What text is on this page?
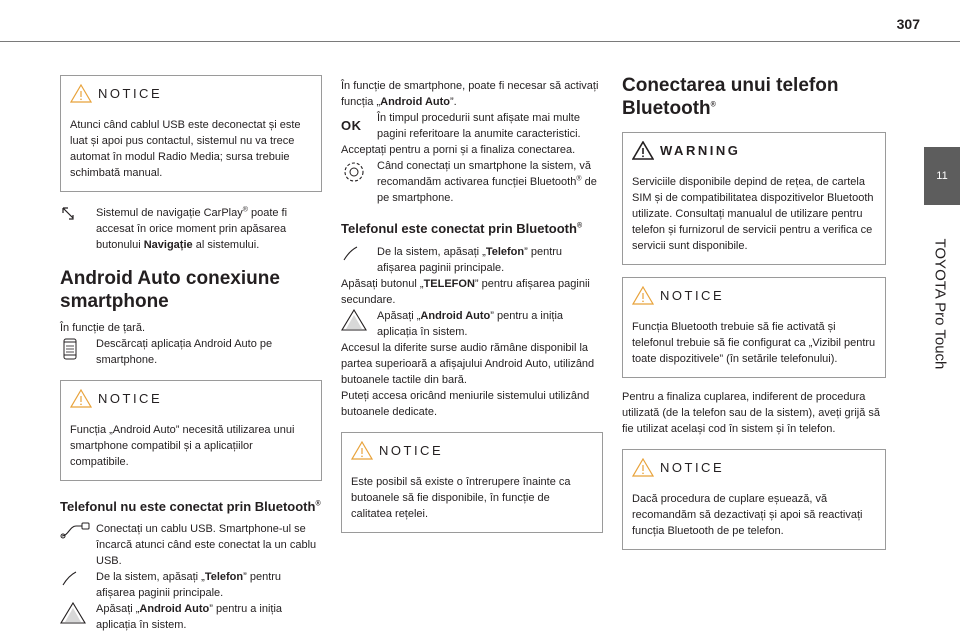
307
11
TOYOTA Pro Touch
NOTICE

Atunci când cablul USB este deconectat și este luat și apoi pus contactul, sistemul nu va trece automat în modul Radio Media; sursa trebuie schimbată manual.

Sistemul de navigație CarPlay® poate fi accesat în orice moment prin apăsarea butonului Navigație al sistemului.

Android Auto conexiune smartphone

În funcție de țară.

Descărcați aplicația Android Auto pe smartphone.

NOTICE

Funcția „Android Auto” necesită utilizarea unui smartphone compatibil și a aplicațiilor compatibile.

Telefonul nu este conectat prin Bluetooth®

Conectați un cablu USB. Smartphone-ul se încarcă atunci când este conectat la un cablu USB.

De la sistem, apăsați „Telefon” pentru afișarea paginii principale.

Apăsați „Android Auto” pentru a iniția aplicația în sistem.

În funcție de smartphone, poate fi necesar să activați funcția „Android Auto”.

OK În timpul procedurii sunt afișate mai multe pagini referitoare la anumite caracteristici.

Acceptați pentru a porni și a finaliza conectarea.

Când conectați un smartphone la sistem, vă recomandăm activarea funcției Bluetooth® de pe smartphone.

Telefonul este conectat prin Bluetooth®

De la sistem, apăsați „Telefon” pentru afișarea paginii principale.

Apăsați butonul „TELEFON” pentru afișarea paginii secundare.

Apăsați „Android Auto” pentru a iniția aplicația în sistem.

Accesul la diferite surse audio rămâne disponibil la partea superioară a afișajului Android Auto, utilizând butoanele tactile din bară.

Puteți accesa oricând meniurile sistemului utilizând butoanele dedicate.

NOTICE

Este posibil să existe o întrerupere înainte ca butoanele să fie disponibile, în funcție de calitatea rețelei.

Conectarea unui telefon Bluetooth®
WARNING

Serviciile disponibile depind de rețea, de cartela SIM și de compatibilitatea dispozitivelor Bluetooth utilizate. Consultați manualul de utilizare pentru telefon și furnizorul de servicii pentru a verifica ce servicii sunt disponibile.

NOTICE

Funcția Bluetooth trebuie să fie activată și telefonul trebuie să fie configurat ca „Vizibil pentru toate dispozitivele” (în setările telefonului).

Pentru a finaliza cuplarea, indiferent de procedura utilizată (de la telefon sau de la sistem), aveți grijă să fie utilizat același cod în sistem și în telefon.

NOTICE

Dacă procedura de cuplare eșuează, vă recomandăm să dezactivați și apoi să reactivați funcția Bluetooth de pe telefon.
